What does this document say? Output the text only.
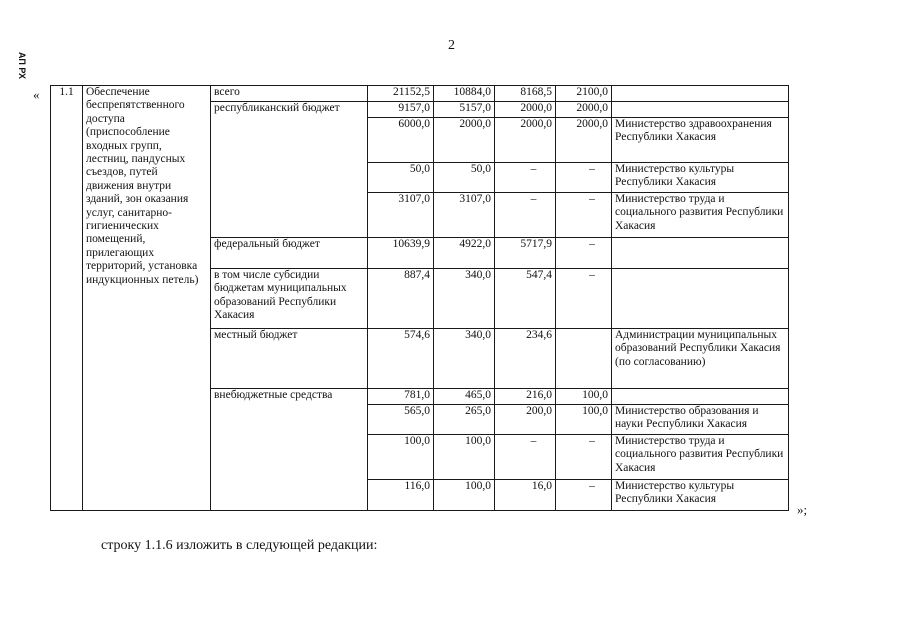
2
АП РХ
« 1.1	Обеспечение беспрепятственного доступа (приспособление входных групп, лестниц, пандусных съездов, путей движения внутри зданий, зон оказания услуг, санитарно-гигиенических помещений, прилегающих территорий, установка индукционных петель)	всего	21152,5	10884,0	8168,5	2100,0	
		республиканский бюджет	9157,0	5157,0	2000,0	2000,0	
			6000,0	2000,0	2000,0	2000,0	Министерство здравоохранения Республики Хакасия
			50,0	50,0	–	–	Министерство культуры Республики Хакасия
			3107,0	3107,0	–	–	Министерство труда и социального развития Республики Хакасия
		федеральный бюджет	10639,9	4922,0	5717,9	–	
		в том числе субсидии бюджетам муниципальных образований Республики Хакасия	887,4	340,0	547,4	–	
		местный бюджет	574,6	340,0	234,6		Администрации муниципальных образований Республики Хакасия (по согласованию)
		внебюджетные средства	781,0	465,0	216,0	100,0	
			565,0	265,0	200,0	100,0	Министерство образования и науки Республики Хакасия
			100,0	100,0	–	–	Министерство труда и социального развития Республики Хакасия
			116,0	100,0	16,0	–	Министерство культуры Республики Хакасия
»;
строку 1.1.6 изложить в следующей редакции:
